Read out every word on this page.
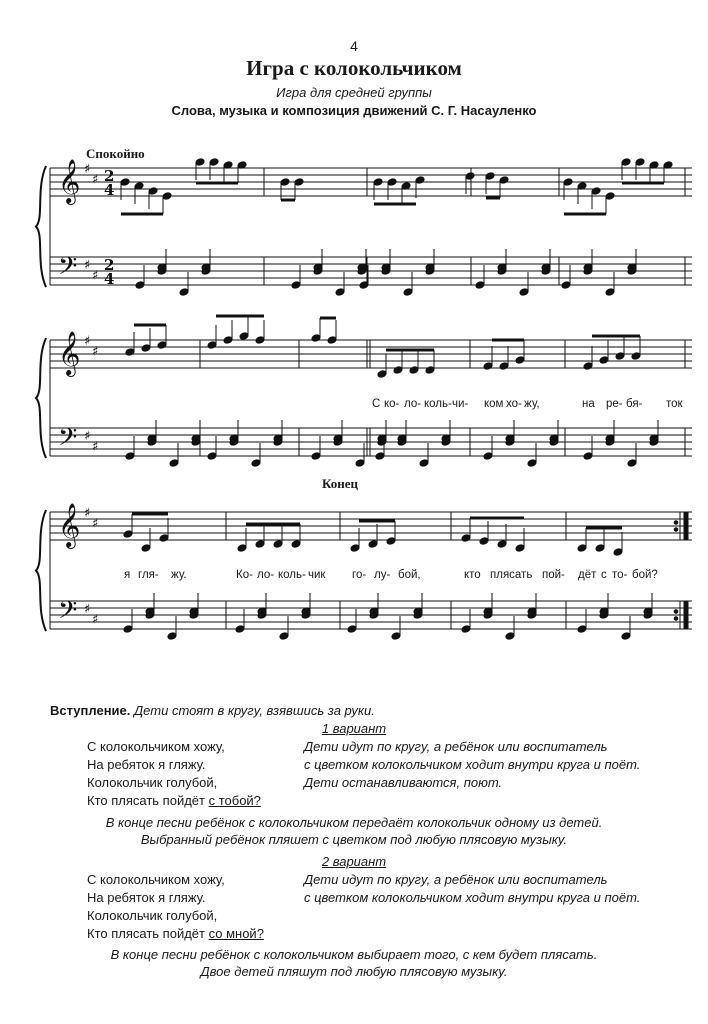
4
Игра с колокольчиком
Игра для средней группы
Слова, музыка и композиция движений С. Г. Насауленко
Спокойно
Конец
𝄞
𝄢
♯
♯
♯
♯
2
4
2
4
𝄞
𝄢
♯
♯
♯
♯
𝄞
𝄢
♯
♯
♯
♯
С ко- ло- коль- чи- ком хо- жу,	на ре- бя- ток
я гля- жу.	Ко- ло- коль- чик го- лу- бой,	кто плясать пой- дёт с то- бой?
Вступление. Дети стоят в кругу, взявшись за руки.
1 вариант
С колокольчиком хожу,	Дети идут по кругу, а ребёнок или воспитатель
На ребяток я гляжу.	с цветком колокольчиком ходит внутри круга и поёт.
Колокольчик голубой,	Дети останавливаются, поют.
Кто плясать пойдёт с тобой?
В конце песни ребёнок с колокольчиком передаёт колокольчик одному из детей.
Выбранный ребёнок пляшет с цветком под любую плясовую музыку.
2 вариант
С колокольчиком хожу,	Дети идут по кругу, а ребёнок или воспитатель
На ребяток я гляжу.	с цветком колокольчиком ходит внутри круга и поёт.
Колокольчик голубой,
Кто плясать пойдёт со мной?
В конце песни ребёнок с колокольчиком выбирает того, с кем будет плясать.
Двое детей пляшут под любую плясовую музыку.
